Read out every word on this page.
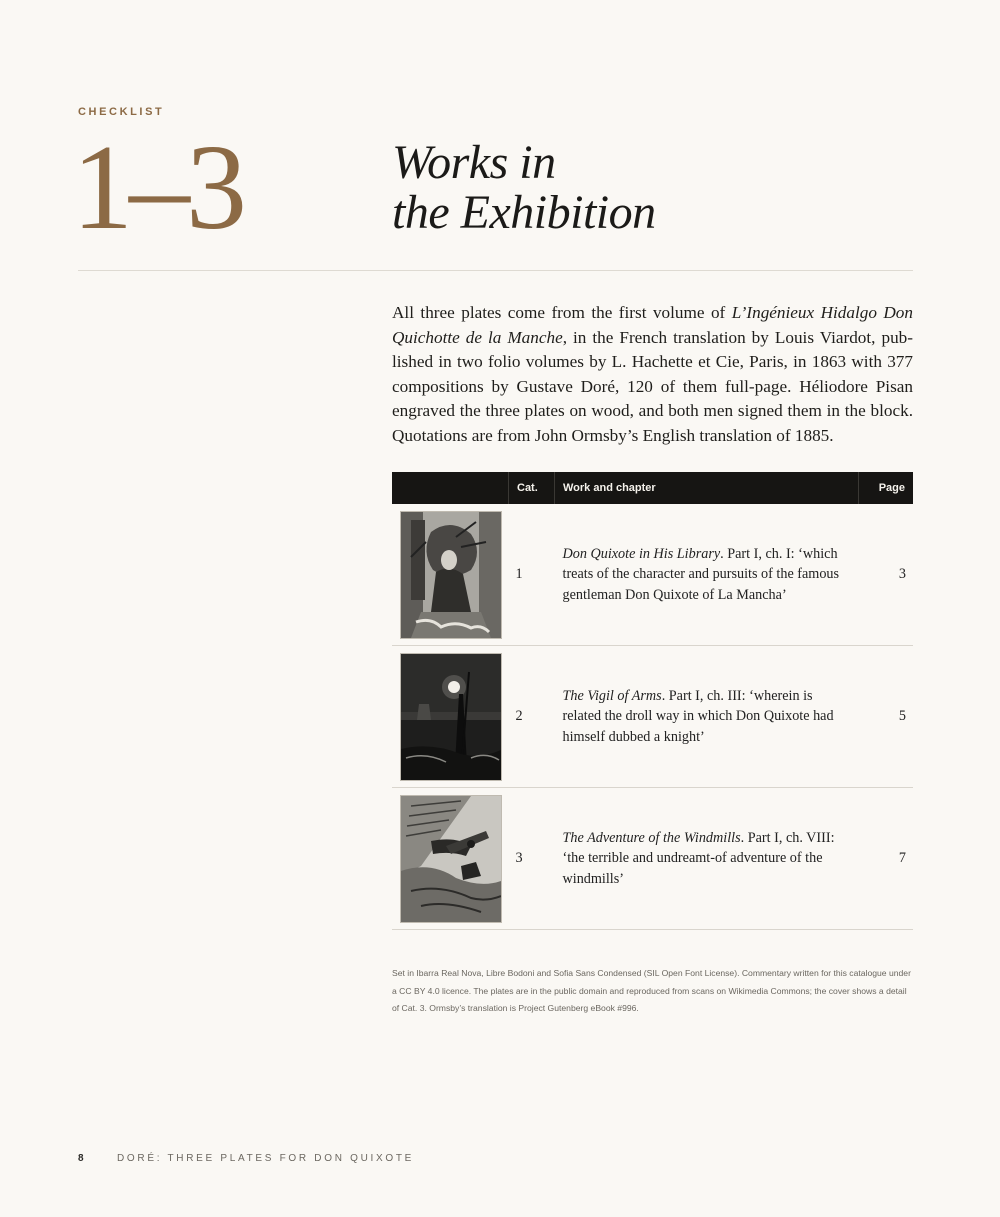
CHECKLIST
1–3	Works in
the Exhibition

All three plates come from the first volume of L’Ingénieux Hidalgo Don Quichotte de la Manche, in the French translation by Louis Viardot, published in two folio volumes by L. Hachette et Cie, Paris, in 1863 with 377 compositions by Gustave Doré, 120 of them full-page. Héliodore Pisan engraved the three plates on wood, and both men signed them in the block. Quotations are from John Ormsby’s English translation of 1885.

	Cat.	Work and chapter	Page

	1	Don Quixote in His Library. Part I, ch. I: ‘which treats of the character and pursuits of the famous gentleman Don Quixote of La Mancha’	3

	2	The Vigil of Arms. Part I, ch. III: ‘wherein is related the droll way in which Don Quixote had himself dubbed a knight’	5

	3	The Adventure of the Windmills. Part I, ch. VIII: ‘the terrible and undreamt-of adventure of the windmills’	7

Set in Ibarra Real Nova, Libre Bodoni and Sofia Sans Condensed (SIL Open Font License). Commentary written for this catalogue under a CC BY 4.0 licence. The plates are in the public domain and reproduced from scans on Wikimedia Commons; the cover shows a detail of Cat. 3. Ormsby’s translation is Project Gutenberg eBook #996.

8	DORÉ: THREE PLATES FOR DON QUIXOTE
